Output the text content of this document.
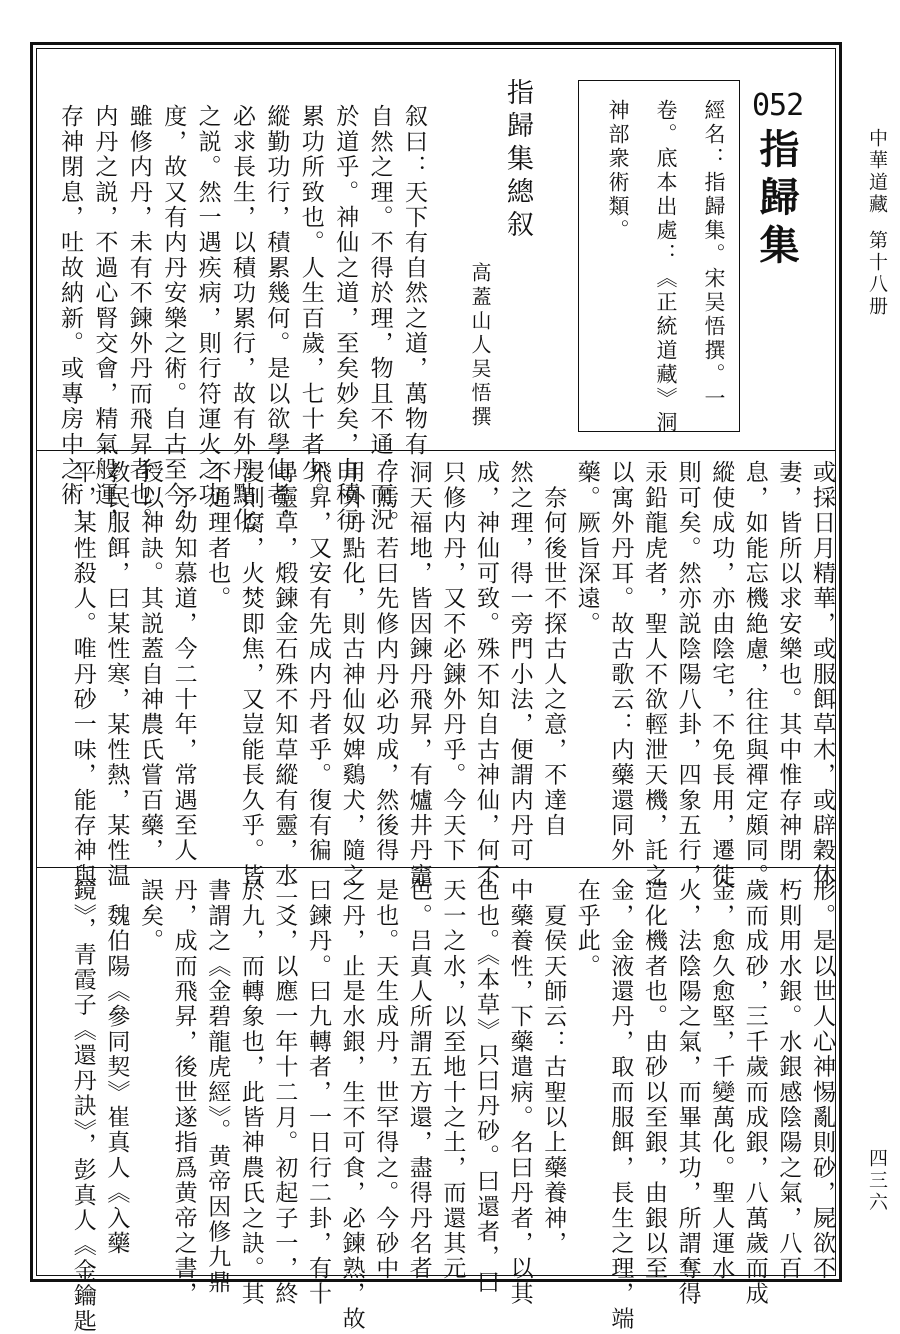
中華道藏
第十八册
四三六
052
指歸集
經名：指歸集。宋吴悟撰。一
卷。底本出處：《正統道藏》洞
神部衆術類。
指歸集總叙
高蓋山人吴悟撰
叙曰：天下有自然之道，萬物有
自然之理。不得於理，物且不通，而況
於道乎。神仙之道，至矣妙矣，由積行
累功所致也。人生百歲，七十者少。
縱勤功行，積累幾何。是以欲學仙者，
必求長生，以積功累行，故有外丹點化
之説。然一遇疾病，則行符運火之功
度，故又有内丹安樂之術。自古至今，
雖修内丹，未有不鍊外丹而飛昇者也。
内丹之説，不過心腎交會，精氣般運，
存神閉息，吐故納新。或專房中之術，
或採日月精華，或服餌草木，或辟穀休
妻，皆所以求安樂也。其中惟存神閉
息，如能忘機絶慮，往往與禪定頗同。
縱使成功，亦由陰宅，不免長用，遷徙
則可矣。然亦説陰陽八卦，四象五行，
汞鉛龍虎者，聖人不欲輕泄天機，託之
以寓外丹耳。故古歌云：内藥還同外
藥。厥旨深遠。
　奈何後世不探古人之意，不達自
然之理，得一旁門小法，便謂内丹可
成，神仙可致。殊不知自古神仙，何不
只修内丹，又不必鍊外丹乎。今天下
洞天福地，皆因鍊丹飛昇，有爐井丹竈
存焉。若曰先修内丹必功成，然後得
用外丹點化，則古神仙奴婢鷄犬，隨之
飛昇，又安有先成内丹者乎。復有徧
尋靈草，煅鍊金石殊不知草縱有靈，水
浸則腐，火焚即焦，又豈能長久乎。皆
不通理者也。
　予幼知慕道，今二十年，常遇至人
授以神訣。其説蓋自神農氏嘗百藥，
教民服餌，曰某性寒，某性熱，某性温
平，某性殺人。唯丹砂一味，能存神與
形。是以世人心神惕亂則砂，屍欲不
朽則用水銀。水銀感陰陽之氣，八百
歲而成砂，三千歲而成銀，八萬歲而成
金，愈久愈堅，千變萬化。聖人運水
火，法陰陽之氣，而畢其功，所謂奪得
造化機者也。由砂以至銀，由銀以至
金，金液還丹，取而服餌，長生之理，端
在乎此。
　夏侯天師云：古聖以上藥養神，
中藥養性，下藥遣病。名曰丹者，以其
色也。《本草》只曰丹砂。曰還者，曰
天一之水，以至地十之土，而還其元
色。吕真人所謂五方還，盡得丹名者
是也。天生成丹，世罕得之。今砂中
之丹，止是水銀，生不可食，必鍊熟，故
曰鍊丹。曰九轉者，一日行二卦，有十
二爻，以應一年十二月。初起子一，終
於九，而轉象也，此皆神農氏之訣。其
書謂之《金碧龍虎經》。黄帝因修九鼎
丹，成而飛昇，後世遂指爲黄帝之書，
誤矣。
　魏伯陽《參同契》崔真人《入藥
鏡》，青霞子《還丹訣》，彭真人《金鑰匙
